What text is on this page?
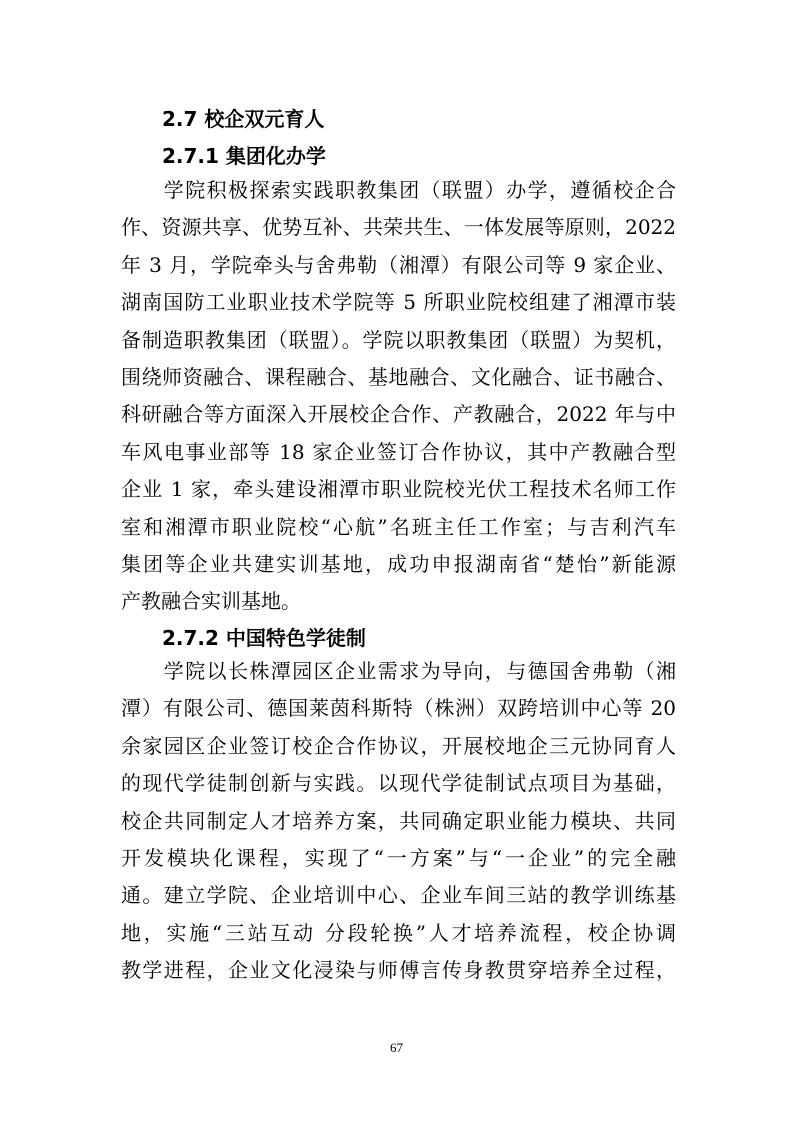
2.7 校企双元育人
2.7.1 集团化办学
　　学院积极探索实践职教集团（联盟）办学，遵循校企合
作、资源共享、优势互补、共荣共生、一体发展等原则，2022
年 3 月，学院牵头与舍弗勒（湘潭）有限公司等 9 家企业、
湖南国防工业职业技术学院等 5 所职业院校组建了湘潭市装
备制造职教集团（联盟）。学院以职教集团（联盟）为契机，
围绕师资融合、课程融合、基地融合、文化融合、证书融合、
科研融合等方面深入开展校企合作、产教融合，2022 年与中
车风电事业部等 18 家企业签订合作协议，其中产教融合型
企业 1 家，牵头建设湘潭市职业院校光伏工程技术名师工作
室和湘潭市职业院校“心航”名班主任工作室；与吉利汽车
集团等企业共建实训基地，成功申报湖南省“楚怡”新能源
产教融合实训基地。
2.7.2 中国特色学徒制
　　学院以长株潭园区企业需求为导向，与德国舍弗勒（湘
潭）有限公司、德国莱茵科斯特（株洲）双跨培训中心等 20
余家园区企业签订校企合作协议，开展校地企三元协同育人
的现代学徒制创新与实践。以现代学徒制试点项目为基础，
校企共同制定人才培养方案，共同确定职业能力模块、共同
开发模块化课程，实现了“一方案”与“一企业”的完全融
通。建立学院、企业培训中心、企业车间三站的教学训练基
地，实施“三站互动 分段轮换”人才培养流程，校企协调
教学进程，企业文化浸染与师傅言传身教贯穿培养全过程，
67
